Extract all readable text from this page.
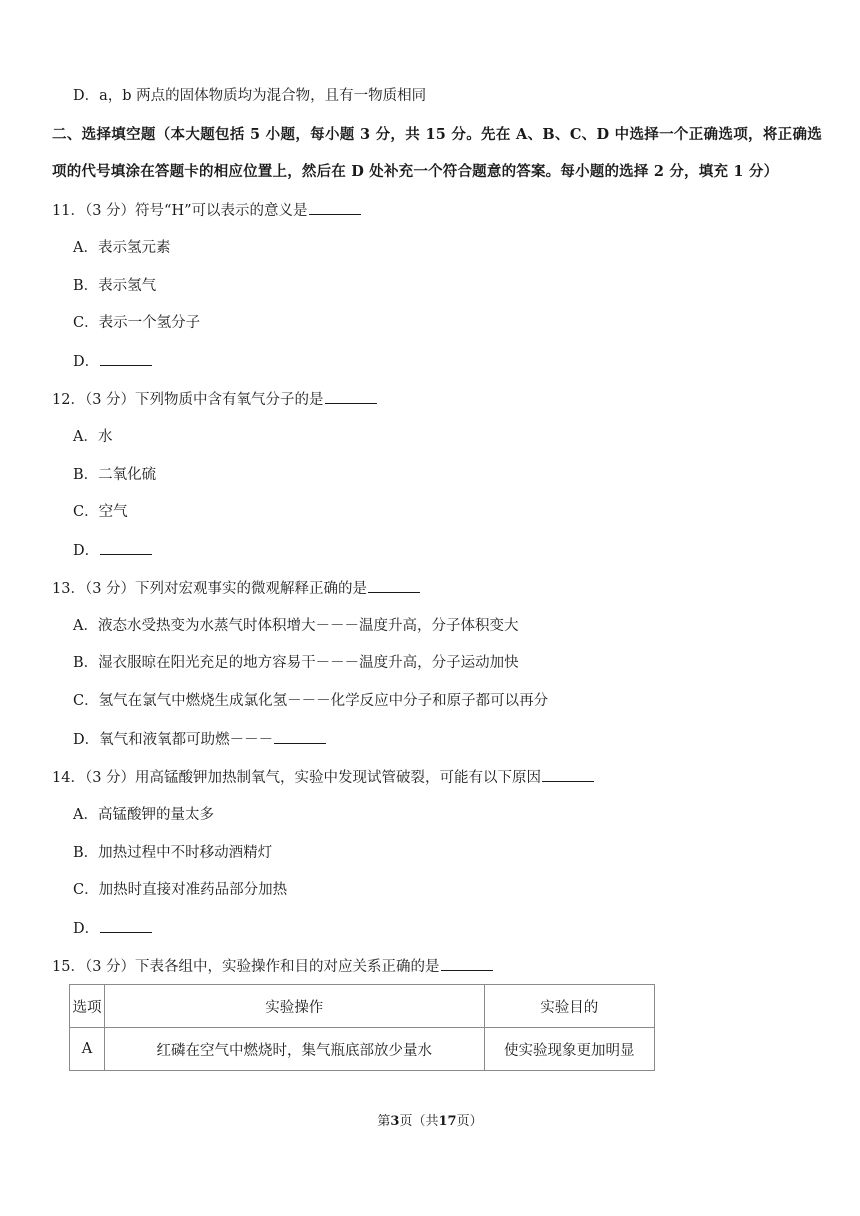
D．a，b 两点的固体物质均为混合物，且有一物质相同
二、选择填空题（本大题包括 5 小题，每小题 3 分，共 15 分。先在 A、B、C、D 中选择一个正确选项，将正确选项的代号填涂在答题卡的相应位置上，然后在 D 处补充一个符合题意的答案。每小题的选择 2 分，填充 1 分）
11．（3 分）符号“H”可以表示的意义是
A．表示氢元素
B．表示氢气
C．表示一个氢分子
D．
12．（3 分）下列物质中含有氧气分子的是
A．水
B．二氧化硫
C．空气
D．
13．（3 分）下列对宏观事实的微观解释正确的是
A．液态水受热变为水蒸气时体积增大－－－温度升高，分子体积变大
B．湿衣服晾在阳光充足的地方容易干－－－温度升高，分子运动加快
C．氢气在氯气中燃烧生成氯化氢－－－化学反应中分子和原子都可以再分
D．氧气和液氧都可助燃－－－
14．（3 分）用高锰酸钾加热制氧气，实验中发现试管破裂，可能有以下原因
A．高锰酸钾的量太多
B．加热过程中不时移动酒精灯
C．加热时直接对准药品部分加热
D．
15．（3 分）下表各组中，实验操作和目的对应关系正确的是
选项	实验操作	实验目的
A	红磷在空气中燃烧时，集气瓶底部放少量水	使实验现象更加明显
第3页（共17页）
